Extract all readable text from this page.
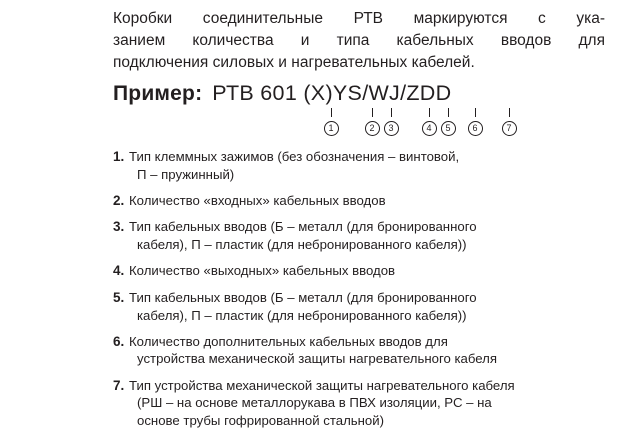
Коробки соединительные РТВ маркируются с ука-
занием количества и типа кабельных вводов для
подключения силовых и нагревательных кабелей.
Пример: РТВ 601 (Х)YS/WJ/ZDD
1	2	3	4	5	6	7
1. Тип клеммных зажимов (без обозначения – винтовой,
П – пружинный)
2. Количество «входных» кабельных вводов
3. Тип кабельных вводов (Б – металл (для бронированного
кабеля), П – пластик (для небронированного кабеля))
4. Количество «выходных» кабельных вводов
5. Тип кабельных вводов (Б – металл (для бронированного
кабеля), П – пластик (для небронированного кабеля))
6. Количество дополнительных кабельных вводов для
устройства механической защиты нагревательного кабеля
7. Тип устройства механической защиты нагревательного кабеля
(РШ – на основе металлорукава в ПВХ изоляции, РС – на
основе трубы гофрированной стальной)
